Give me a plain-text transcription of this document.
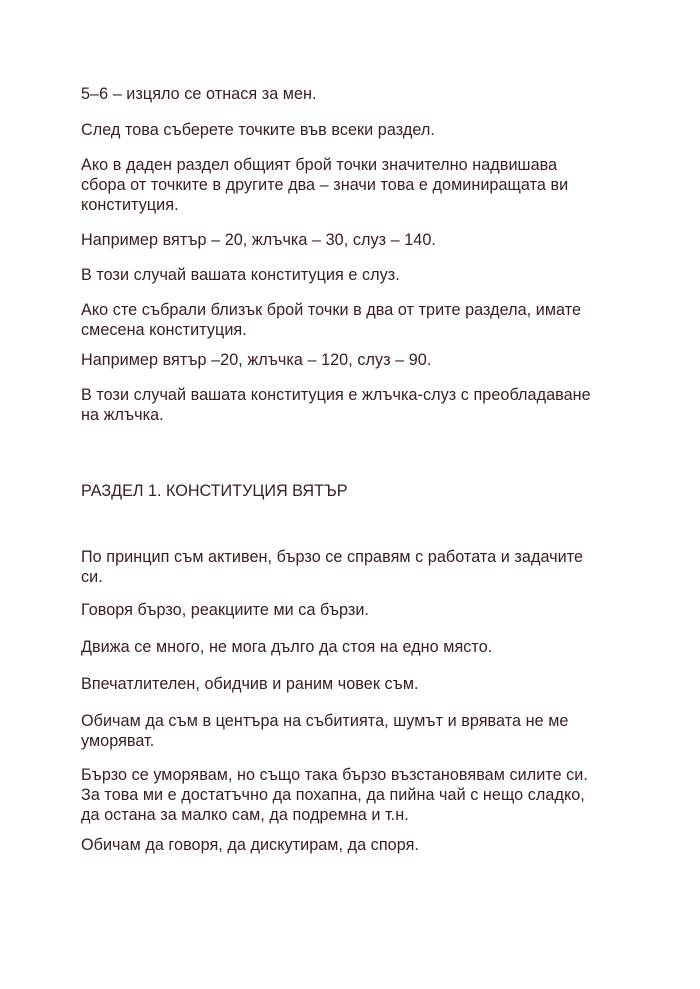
5–6 – изцяло се отнася за мен.

След това съберете точките във всеки раздел.

Ако в даден раздел общият брой точки значително надвишава
сбора от точките в другите два – значи това е доминиращата ви
конституция.

Например вятър – 20, жлъчка – 30, слуз – 140.

В този случай вашата конституция е слуз.

Ако сте събрали близък брой точки в два от трите раздела, имате
смесена конституция.

Например вятър –20, жлъчка – 120, слуз – 90.

В този случай вашата конституция е жлъчка-слуз с преобладаване
на жлъчка.

РАЗДЕЛ 1. КОНСТИТУЦИЯ ВЯТЪР

По принцип съм активен, бързо се справям с работата и задачите
си.

Говоря бързо, реакциите ми са бързи.

Движа се много, не мога дълго да стоя на едно място.

Впечатлителен, обидчив и раним човек съм.

Обичам да съм в центъра на събитията, шумът и врявата не ме
уморяват.

Бързо се уморявам, но също така бързо възстановявам силите си.
За това ми е достатъчно да похапна, да пийна чай с нещо сладко,
да остана за малко сам, да подремна и т.н.

Обичам да говоря, да дискутирам, да споря.
